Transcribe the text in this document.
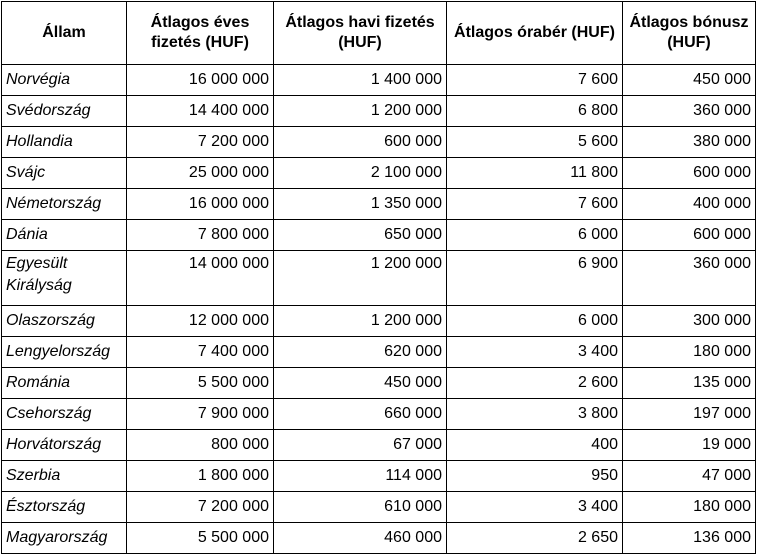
Állam	Átlagos éves fizetés (HUF)	Átlagos havi fizetés (HUF)	Átlagos órabér (HUF)	Átlagos bónusz (HUF)
Norvégia	16 000 000	1 400 000	7 600	450 000
Svédország	14 400 000	1 200 000	6 800	360 000
Hollandia	7 200 000	600 000	5 600	380 000
Svájc	25 000 000	2 100 000	11 800	600 000
Németország	16 000 000	1 350 000	7 600	400 000
Dánia	7 800 000	650 000	6 000	600 000
Egyesült Királyság	14 000 000	1 200 000	6 900	360 000
Olaszország	12 000 000	1 200 000	6 000	300 000
Lengyelország	7 400 000	620 000	3 400	180 000
Románia	5 500 000	450 000	2 600	135 000
Csehország	7 900 000	660 000	3 800	197 000
Horvátország	800 000	67 000	400	19 000
Szerbia	1 800 000	114 000	950	47 000
Észtország	7 200 000	610 000	3 400	180 000
Magyarország	5 500 000	460 000	2 650	136 000
